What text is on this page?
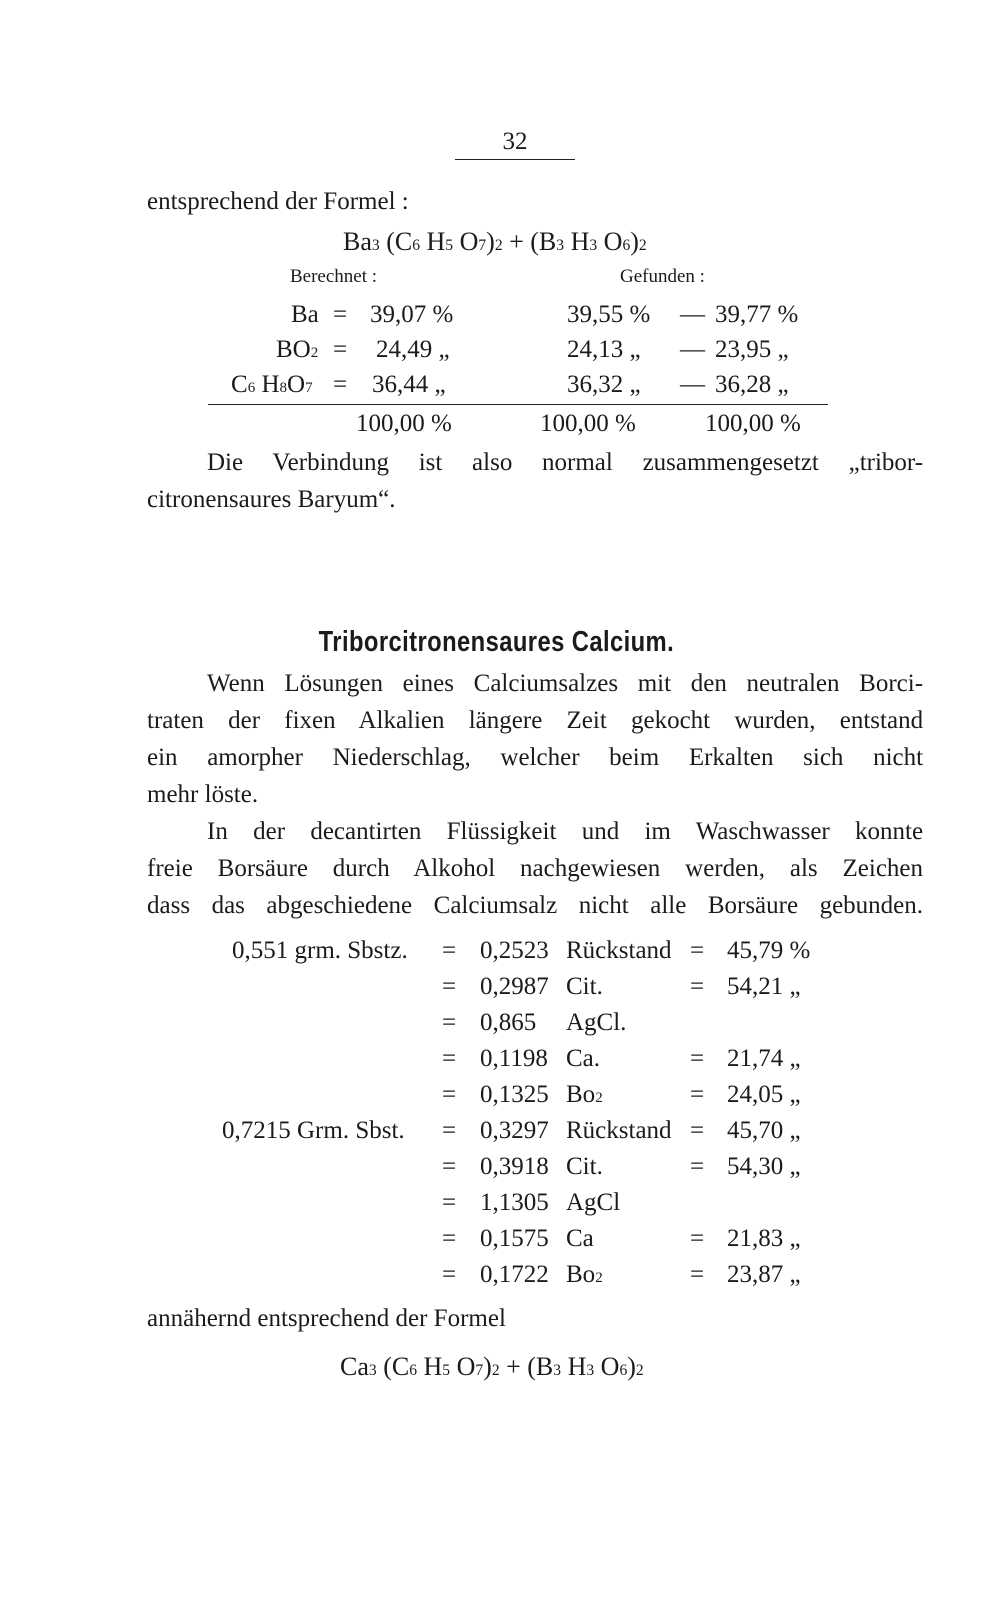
32
entsprechend der Formel :
Ba$^3$ ($C^6$ $H^5$ $O^7)^2 + (B^3$ $H^3$ $O^6)^2$
Berechnet :	Gefunden :
Ba = 39,07 %	39,55 % — 39,77 %
$BO^2 = 24,49$ „	24,13 „ — 23,95 „
$C^6$ $H^8O^7 = 36,44$ „	36,32 „ — 36,28 „
100,00 %	100,00 %	100,00 %
Die Verbindung ist also normal zusammengesetzt „tribor-
citronensaures Baryum“.
Triborcitronensaures Calcium.
Wenn Lösungen eines Calciumsalzes mit den neutralen Borci-
traten der fixen Alkalien längere Zeit gekocht wurden, entstand
ein amorpher Niederschlag, welcher beim Erkalten sich nicht
mehr löste.
In der decantirten Flüssigkeit und im Waschwasser konnte
freie Borsäure durch Alkohol nachgewiesen werden, als Zeichen
dass das abgeschiedene Calciumsalz nicht alle Borsäure gebunden.
0,551 grm. Sbstz. = 0,2523 Rückstand = 45,79 %
= 0,2987 Cit.	= 54,21 „
= 0,865 AgCl.
= 0,1198 Ca.	= 21,74 „
= 0,1325 $Bo^2$	= 24,05 „
0,7215 Grm. Sbst. = 0,3297 Rückstand = 45,70 „
= 0,3918 Cit.	= 54,30 „
= 1,1305 AgCl
= 0,1575 Ca	= 21,83 „
= 0,1722 $Bo^2$	= 23,87 „
annähernd entsprechend der Formel
Ca$^3$ ($C^6$ $H^5$ $O^7)^2 + (B^3$ $H^3$ $O^6)^2$
